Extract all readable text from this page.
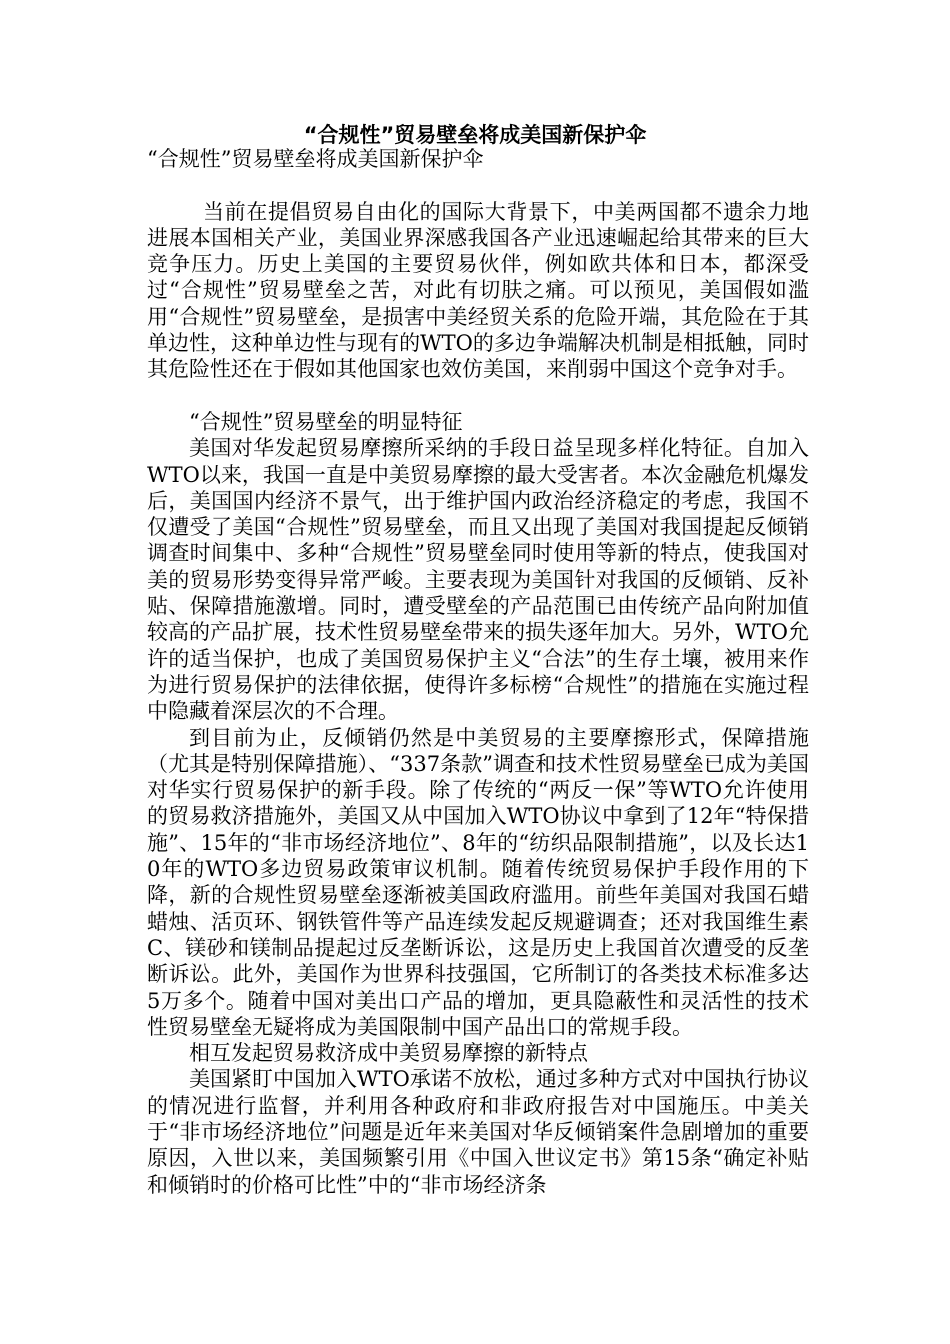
“合规性”贸易壁垒将成美国新保护伞

“合规性”贸易壁垒将成美国新保护伞

当前在提倡贸易自由化的国际大背景下，中美两国都不遗余力地进展本国相关产业，美国业界深感我国各产业迅速崛起给其带来的巨大竞争压力。历史上美国的主要贸易伙伴，例如欧共体和日本，都深受过“合规性”贸易壁垒之苦，对此有切肤之痛。可以预见，美国假如滥用“合规性”贸易壁垒，是损害中美经贸关系的危险开端，其危险在于其单边性，这种单边性与现有的WTO的多边争端解决机制是相抵触，同时其危险性还在于假如其他国家也效仿美国，来削弱中国这个竞争对手。

“合规性”贸易壁垒的明显特征

美国对华发起贸易摩擦所采纳的手段日益呈现多样化特征。自加入WTO以来，我国一直是中美贸易摩擦的最大受害者。本次金融危机爆发后，美国国内经济不景气，出于维护国内政治经济稳定的考虑，我国不仅遭受了美国“合规性”贸易壁垒，而且又出现了美国对我国提起反倾销调查时间集中、多种“合规性”贸易壁垒同时使用等新的特点，使我国对美的贸易形势变得异常严峻。主要表现为美国针对我国的反倾销、反补贴、保障措施激增。同时，遭受壁垒的产品范围已由传统产品向附加值较高的产品扩展，技术性贸易壁垒带来的损失逐年加大。另外，WTO允许的适当保护，也成了美国贸易保护主义“合法”的生存土壤，被用来作为进行贸易保护的法律依据，使得许多标榜“合规性”的措施在实施过程中隐藏着深层次的不合理。

到目前为止，反倾销仍然是中美贸易的主要摩擦形式，保障措施（尤其是特别保障措施）、“337条款”调查和技术性贸易壁垒已成为美国对华实行贸易保护的新手段。除了传统的“两反一保”等WTO允许使用的贸易救济措施外，美国又从中国加入WTO协议中拿到了12年“特保措施”、15年的“非市场经济地位”、8年的“纺织品限制措施”，以及长达10年的WTO多边贸易政策审议机制。随着传统贸易保护手段作用的下降，新的合规性贸易壁垒逐渐被美国政府滥用。前些年美国对我国石蜡蜡烛、活页环、钢铁管件等产品连续发起反规避调查；还对我国维生素C、镁砂和镁制品提起过反垄断诉讼，这是历史上我国首次遭受的反垄断诉讼。此外，美国作为世界科技强国，它所制订的各类技术标准多达5万多个。随着中国对美出口产品的增加，更具隐蔽性和灵活性的技术性贸易壁垒无疑将成为美国限制中国产品出口的常规手段。

相互发起贸易救济成中美贸易摩擦的新特点

美国紧盯中国加入WTO承诺不放松，通过多种方式对中国执行协议的情况进行监督，并利用各种政府和非政府报告对中国施压。中美关于“非市场经济地位”问题是近年来美国对华反倾销案件急剧增加的重要原因，入世以来，美国频繁引用《中国入世议定书》第15条“确定补贴和倾销时的价格可比性”中的“非市场经济条
